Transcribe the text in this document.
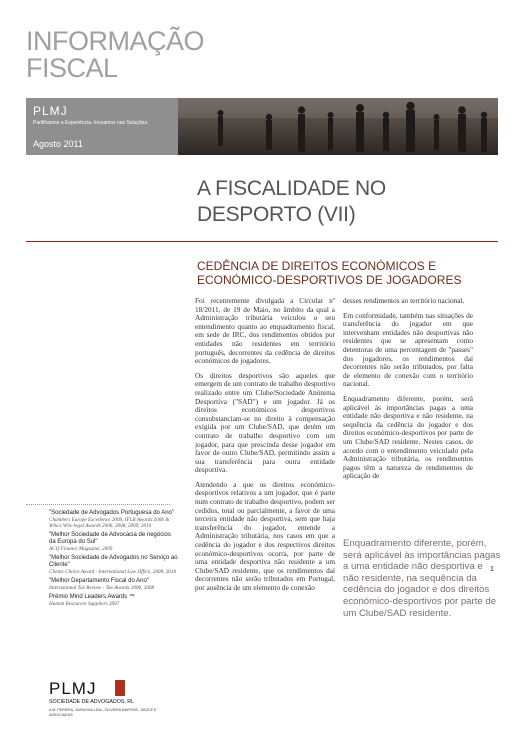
INFORMAÇÃO
FISCAL
PLMJ
Partilhamos a Experiência. Inovamos nas Soluções.
Agosto 2011
A FISCALIDADE NO
DESPORTO (VII)
CEDÊNCIA DE DIREITOS ECONÓMICOS E
ECONÓMICO-DESPORTIVOS DE JOGADORES

Foi recentemente divulgada a Circular nº 18/2011, de 19 de Maio, no âmbito da qual a Administração tributária veiculou o seu entendimento quanto ao enquadramento fiscal, em sede de IRC, dos rendimentos obtidos por entidades não residentes em território português, decorrentes da cedência de direitos económicos de jogadores.

Os direitos desportivos são aqueles que emergem de um contrato de trabalho desportivo realizado entre um Clube/Sociedade Anónima Desportiva ("SAD") e um jogador. Já os direitos económicos desportivos consubstanciam-se no direito à compensação exigida por um Clube/SAD, que detém um contrato de trabalho desportivo com um jogador, para que prescinda desse jogador em favor de outro Clube/SAD, permitindo assim a sua transferência para outra entidade desportiva.

Atendendo a que os direitos económico-desportivos relativos a um jogador, que é parte num contrato de trabalho desportivo, podem ser cedidos, total ou parcialmente, a favor de uma terceira entidade não desportiva, sem que haja transferência do jogador, entende a Administração tributária, nos casos em que a cedência do jogador e dos respectivos direitos económico-desportivos ocorra, por parte de uma entidade desportiva não residente a um Clube/SAD residente, que os rendimentos daí decorrentes não serão tributados em Portugal, por ausência de um elemento de conexão

desses rendimentos ao território nacional.

Em conformidade, também nas situações de transferência do jogador em que intervenham entidades não desportivas não residentes que se apresentam como detentoras de uma percentagem de "passes" dos jogadores, os rendimentos daí decorrentes não serão tributados, por falta de elemento de conexão com o território nacional.

Enquadramento diferente, porém, será aplicável às importâncias pagas a uma entidade não desportiva e não residente, na sequência da cedência do jogador e dos direitos económico-desportivos por parte de um Clube/SAD residente. Nestes casos, de acordo com o entendimento veiculado pela Administração tributária, os rendimentos pagos têm a natureza de rendimentos de aplicação de

Enquadramento diferente, porém, será aplicável às importâncias pagas a uma entidade não desportiva e não residente, na sequência da cedência do jogador e dos direitos económico-desportivos por parte de um Clube/SAD residente.
"Sociedade de Advogados Portuguesa do Ano"
Chambers Europe Excellence 2009, IFLR Awards 2006 & Who's Who legal Awards 2006, 2008, 2009, 2010
"Melhor Sociedade de Advocacia de negócios da Europa do Sul"
ACQ Finance Magazine, 2009
"Melhor Sociedade de Advogados no Serviço ao Cliente"
Clients Choice Award - International Law Office, 2008, 2010
"Melhor Departamento Fiscal do Ano"
International Tax Review - Tax Awards 2006, 2008
Prémio Mind Leaders Awards ™
Human Resources Suppliers 2007
PLMJ
SOCIEDADE DE ADVOGADOS, RL
A.M. PEREIRA, SÁRAGGA LEAL, OLIVEIRA MARTINS, JÚDICE E ASSOCIADOS
1
